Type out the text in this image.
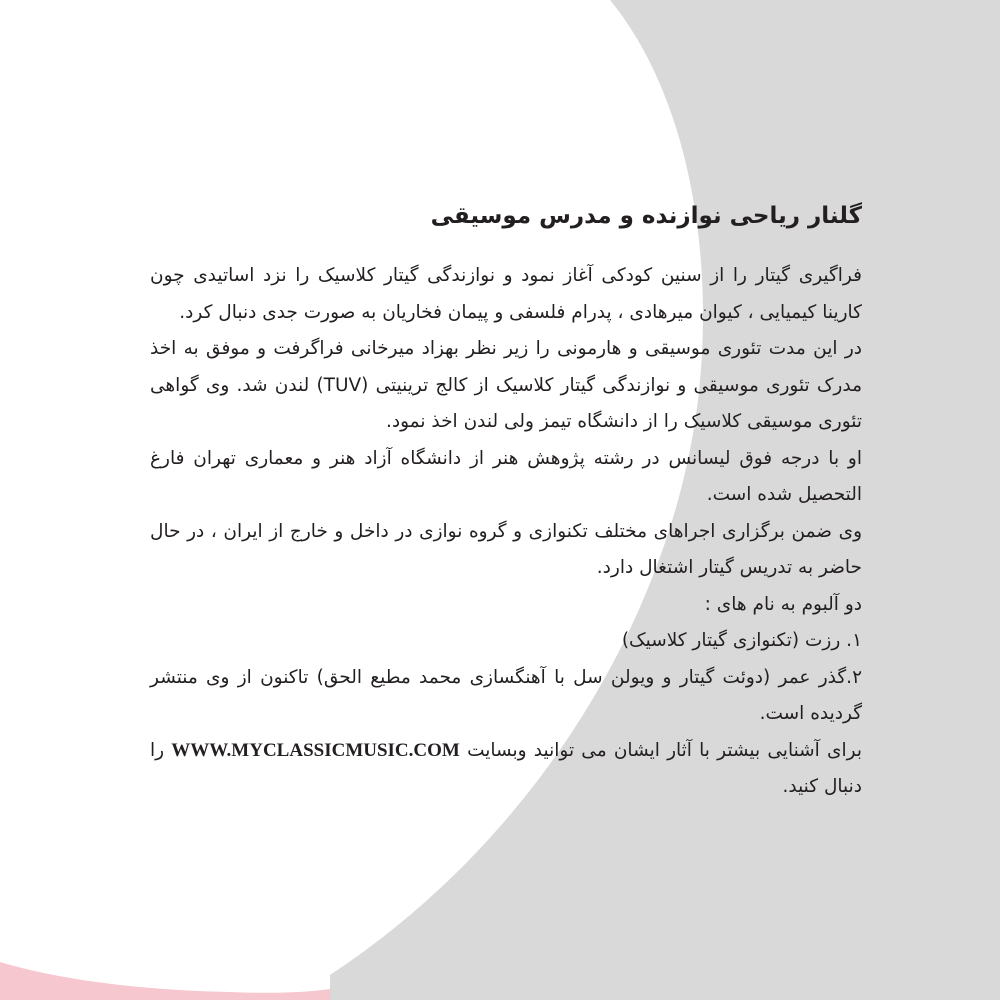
گلنار ریاحی نوازنده و مدرس موسیقی

فراگیری گیتار را از سنین کودکی آغاز نمود و نوازندگی گیتار کلاسیک را نزد اساتیدی چون کارینا کیمیایی ، کیوان میرهادی ، پدرام فلسفی و پیمان فخاریان به صورت جدی دنبال کرد.

در این مدت تئوری موسیقی و هارمونی را زیر نظر بهزاد میرخانی فراگرفت و موفق به اخذ مدرک تئوری موسیقی و نوازندگی گیتار کلاسیک از کالج ترینیتی (TUV) لندن شد. وی گواهی تئوری موسیقی کلاسیک را از دانشگاه تیمز ولی لندن اخذ نمود.

او با درجه فوق لیسانس در رشته پژوهش هنر از دانشگاه آزاد هنر و معماری تهران فارغ التحصیل شده است.

وی ضمن برگزاری اجراهای مختلف تکنوازی و گروه نوازی در داخل و خارج از ایران ، در حال حاضر به تدریس گیتار اشتغال دارد.

دو آلبوم به نام های :

۱. رزت (تکنوازی گیتار کلاسیک)

۲.گذر عمر (دوئت گیتار و ویولن سل با آهنگسازی محمد مطیع الحق) تاکنون از وی منتشر گردیده است.

برای آشنایی بیشتر با آثار ایشان می توانید وبسایت WWW.MYCLASSICMUSIC.COM را دنبال کنید.
